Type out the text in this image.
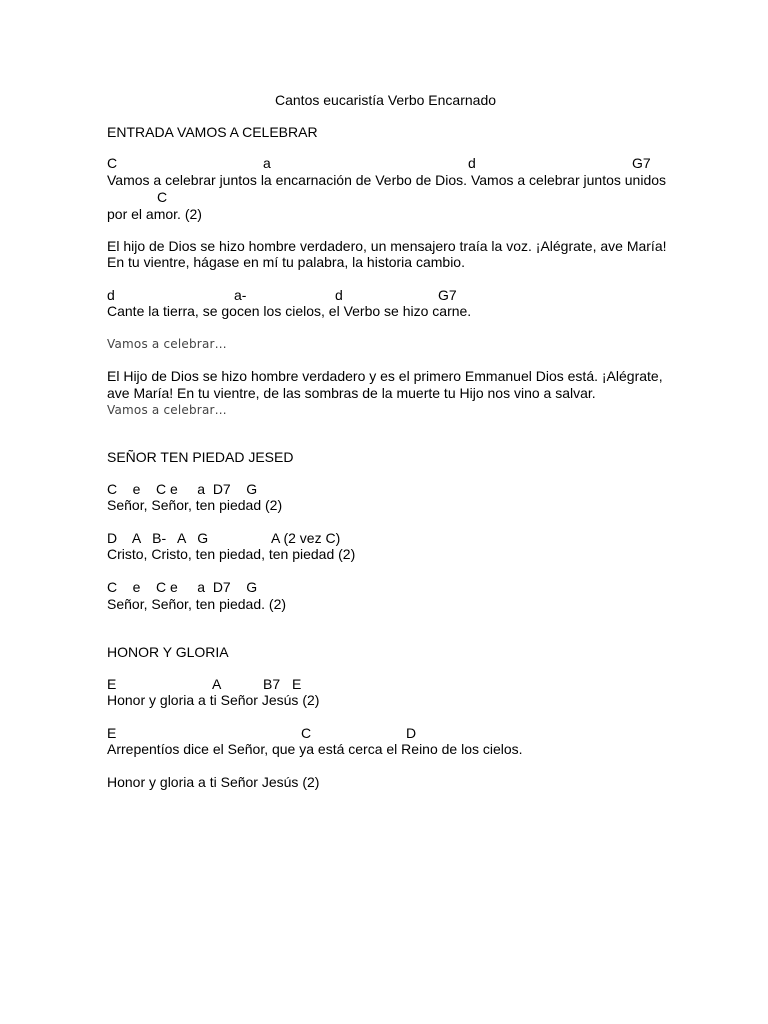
Cantos eucaristía Verbo Encarnado
ENTRADA VAMOS A CELEBRAR
C	a	d	G7
Vamos a celebrar juntos la encarnación de Verbo de Dios. Vamos a celebrar juntos unidos
C
por el amor. (2)
El hijo de Dios se hizo hombre verdadero, un mensajero traía la voz. ¡Alégrate, ave María!
En tu vientre, hágase en mí tu palabra, la historia cambio.
d	a-	d	G7
Cante la tierra, se gocen los cielos, el Verbo se hizo carne.
Vamos a celebrar…
El Hijo de Dios se hizo hombre verdadero y es el primero Emmanuel Dios está. ¡Alégrate,
ave María! En tu vientre, de las sombras de la muerte tu Hijo nos vino a salvar.
Vamos a celebrar…
SEÑOR TEN PIEDAD JESED
C    e    C e     a  D7    G
Señor, Señor, ten piedad (2)
D    A   B-   A   G	A (2 vez C)
Cristo, Cristo, ten piedad, ten piedad (2)
C    e    C e     a  D7    G
Señor, Señor, ten piedad. (2)
HONOR Y GLORIA
E	A	B7 E
Honor y gloria a ti Señor Jesús (2)
E	C	D
Arrepentíos dice el Señor, que ya está cerca el Reino de los cielos.
Honor y gloria a ti Señor Jesús (2)
